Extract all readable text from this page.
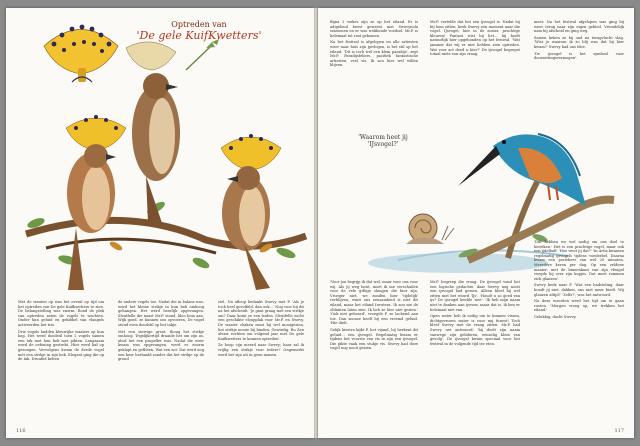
Optreden van
'De gele KuifKwetters'

Met de wanten op was het overal op tijd om het optreden van De gele Kuifkwetters te zien. De belangstelling was enorm. Rond de plek van optreden zaten de vogels te wachten. Onder hun geluid en gekibbel van vlangels activeerden het trio.

Drie vogels hadden kleurrijke waaiers op hun kop. Het werd doodstil toen 2 vogels samen een tak met hun bek met pikten. Langzaam werd de oefening gestrekt. Hier werd kaf op gezongen. Vervolgens kwam de derde vogel met een strikje in zijn bek. Elegant ging die op de tak. Druufed kelten

de andere vogels toe. Nadat die in balans was, werd het kleine strikje in hun bek omhoog gehangen. Het werd heerlijk opgevangen. Sleutfelle die naast Mr.P. stond, kloo hem aan. Wijk goed, ze kunnen ons opvoeren, De vogel stond even doodstil op het takje.

Met een sterrige groet, thoug het strikje omhoog. Tegelijkertijd draaide het om zijn as, alsof het een propeller was. Nadat die weer kwam was opgevangen, werd er enorm geklapt en gefloten. Wat een act. Dat werd nog een keer herhaald zonder dat het strikje op de grond

viel. Na afloop bedankt Swevy met P. 'Als je toch heel gevolfeld, dan ook...' Nog voor hij dit na het afscheidt. 'Je gaat graag met een strikje om? Daar komt ze een leiden. Sleutfelle zocht een geschikte eloopplak voor Mr.P. en Swevy. De waaier chaken mooi bij wel mooigezien, het strikje mooie bij binden. Gewirdig. Ru Zen alvast ecrhten om volgend jaar met De gele Kuifkwetters te kunnen optreden'.

Ze hoop cijn meerd naar Swevy; haar zal ik vrijlig een strikje voor iedere? Ongemerkt werd het zijn uit in geen manen.

116

Bijna 2 wekes zijn ze op het eiland. Er is adigelend beest geweest met Swovynola seizoenen en er was wekbonde voedsel. Mr.P. is helemaal tot rust gekomen.

Na het festival is afgelopen en alle artiesten weer naar huis zijn gevlogen, is het stil op het eiland. 'Dit is toch wel een klein paradijs', zegt Mr.P. Paradijsfeliers, pacifiek fantastische artiesten, veel vis. Ik zou hier wel willen blijven.

Mr.P. vertelde dat het een ijsvogel is. Nadat hij bij hem zitten, keek Swevy een moment naar die vogel. IJsvogel, hier in de zomer, prachtige kleuren! Fantast wist hij het... hij hoeft natuurlijk hier opgebonden op het festival. 'Wat jammer dat wij er niet hebben zien optreden. Wat voor act doed u hier?' De ijsvogel begrepst totaal niets van zijn vraag.

meer. Na het festival afgelopen was ging bij weer terug naar zijn eigen gebied. Vriendelijk nam hij afscheid en ging weg.

Samen keken ze hij ond na terugvlucht vlag. 'Wist je waarom ik zo blij was dat hij hier kwam?' Swevy had ons idee.

'De ijsvogel is het symbool voor doorzettingsvermogen'.

'Waarom heet jij 'IJsvogel?'

'Voor jou begrijp ik dat wel, maar voor ons voor wij. Als jij weg bent, moet ik me verschuilen voor de vele giftige slangen die hier zijn. Vroeger niet, we zonden hier 'tijdelijk' verblijven, want ons eenzamheid is niet dit eiland, maar het eiland Invotera. Ik zou me de olifanten laten zien. Ik heb ze hier niet gezien.' 'Ook niet gehoord', vroegde P. ze lachend aan toe. Dan snooze heeft hij een vreemd geluid. 'Hie dieb'.

Gelijk kiestra kijkt P. het vijand, hij herkent dit geluid... een ijsvogel. Regelmatig kwam er tijdens het voorste van vis in zijn een ijsvogel. Die pikte vaak een stukje vis. Swevy had deze vogel nog nooit gezien.

Mr.P. begreep die vraag. De ijsvogel vond het een logische gedachte, daar Swevy nog nooit een ijsvogel had gezien. Alleen bleef hij wel zitten met het woord 'IJs'. 'Houdt u zo goed van ijs? De ijsvogel keelde 'nee'. 'Ik heb mijn naam niet te danken aan ijsvoor, maar dat is, ik ben er helemaal niet van.

Open water heb ik nodig om te kunnen vissen, dichtgevroren water is voor mij funest! Toch bleef Swevy met de vraag zitten. Mr.P. had Swevy net antwoord: 'bij deelt zijn naam vanwege zijn gelideren, eenzelig klein van gevolg'. De ijsvogel kwam speciaal voor het festival in de volgende tijd ter eten.

'Dat hebben we wel nodig om ons doel te bereiken.' Het is een prachtige vogel, maar ook een ijdelbalf. 'Hoe weet jij dat?' 'In Artis kwamen regelmatig ijsvogels tijdens voederbel. Daarna kwam een porieheer van wel 20 minuten. Meerdere keren per dag. Op een zeldene manier: met de binnenkant van zijn vleugel veegde hij over zijn kopjes. Dat moet rammen zich glanzen'.

Swevy keek naar P. 'Wat een badsteling, daar houdt jij niet, dakken, ons niet meer biedt. Wij glanzen altijd!' 'Zelfs?', was het antwoord.

Na deze woorden werd het tijd om te gaan rusten. 'Morgen vroeg op, we trekken het eiland.'

Gelukkig, dacht Swevy.

117
